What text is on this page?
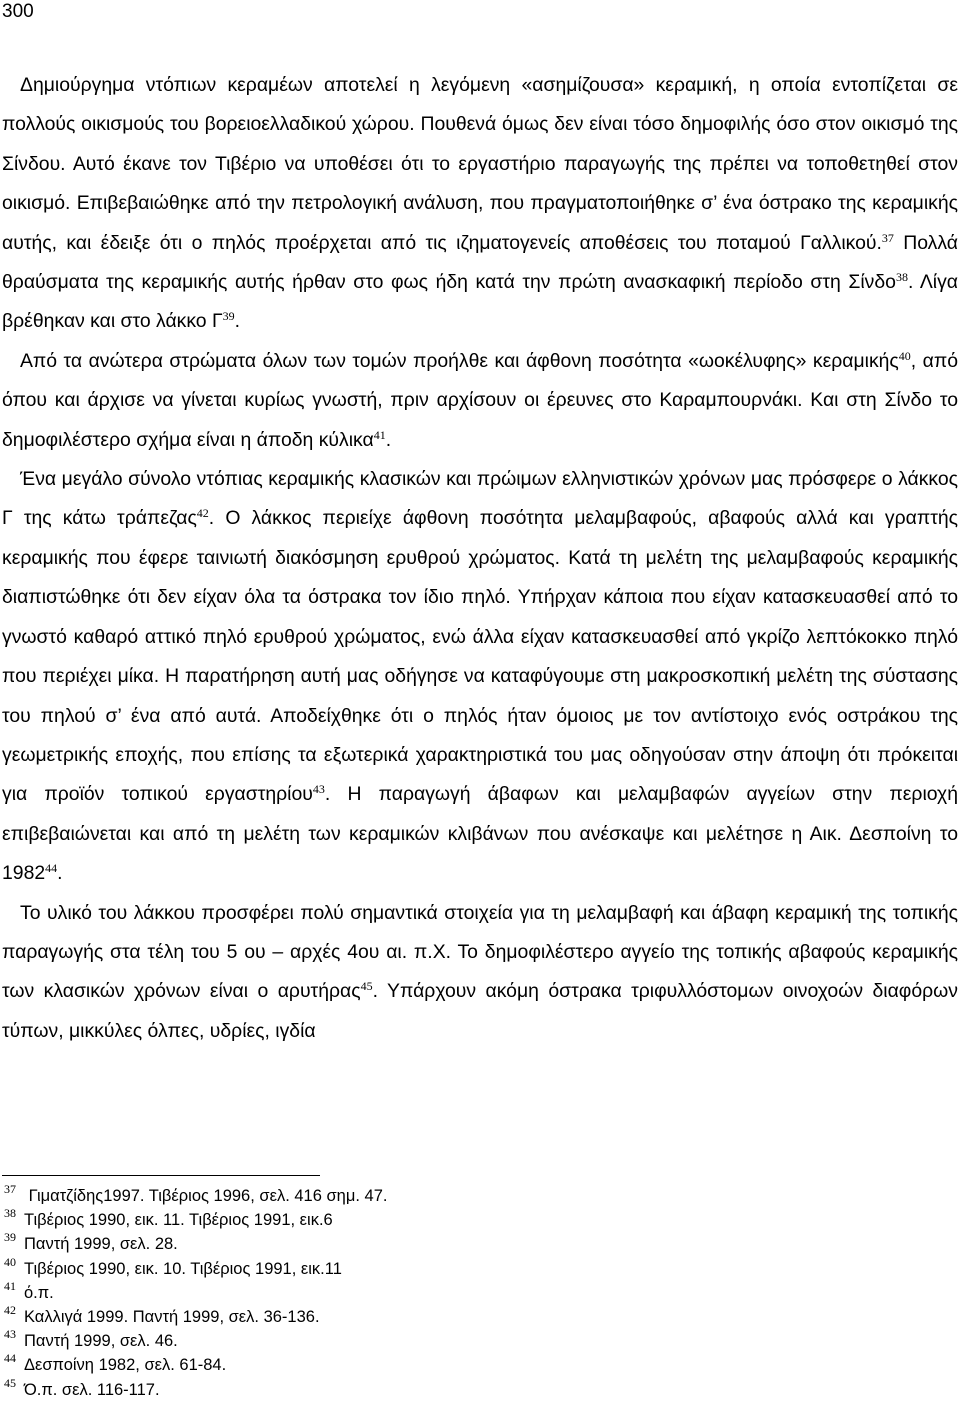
300

Δημιούργημα ντόπιων κεραμέων αποτελεί η λεγόμενη «ασημίζουσα» κεραμική, η οποία εντοπίζεται σε πολλούς οικισμούς του βορειοελλαδικού χώρου. Πουθενά όμως δεν είναι τόσο δημοφιλής όσο στον οικισμό της Σίνδου. Αυτό έκανε τον Τιβέριο να υποθέσει ότι το εργαστήριο παραγωγής της πρέπει να τοποθετηθεί στον οικισμό. Επιβεβαιώθηκε από την πετρολογική ανάλυση, που πραγματοποιήθηκε σ’ ένα όστρακο της κεραμικής αυτής, και έδειξε ότι ο πηλός προέρχεται από τις ιζηματογενείς αποθέσεις του ποταμού Γαλλικού.$^{37}$ Πολλά θραύσματα της κεραμικής αυτής ήρθαν στο φως ήδη κατά την πρώτη ανασκαφική περίοδο στη Σίνδο$^{38}$. Λίγα βρέθηκαν και στο λάκκο $\Gamma^{39}$.

Από τα ανώτερα στρώματα όλων των τομών προήλθε και άφθονη ποσότητα «ωοκέλυφης» κεραμικής$^{40}$, από όπου και άρχισε να γίνεται κυρίως γνωστή, πριν αρχίσουν οι έρευνες στο Καραμπουρνάκι. Και στη Σίνδο το δημοφιλέστερο σχήμα είναι η άποδη κύλικα$^{41}$.

Ένα μεγάλο σύνολο ντόπιας κεραμικής κλασικών και πρώιμων ελληνιστικών χρόνων μας πρόσφερε ο λάκκος Γ της κάτω τράπεζας$^{42}$. Ο λάκκος περιείχε άφθονη ποσότητα μελαμβαφούς, αβαφούς αλλά και γραπτής κεραμικής που έφερε ταινιωτή διακόσμηση ερυθρού χρώματος. Κατά τη μελέτη της μελαμβαφούς κεραμικής διαπιστώθηκε ότι δεν είχαν όλα τα όστρακα τον ίδιο πηλό. Υπήρχαν κάποια που είχαν κατασκευασθεί από το γνωστό καθαρό αττικό πηλό ερυθρού χρώματος, ενώ άλλα είχαν κατασκευασθεί από γκρίζο λεπτόκοκκο πηλό που περιέχει μίκα. Η παρατήρηση αυτή μας οδήγησε να καταφύγουμε στη μακροσκοπική μελέτη της σύστασης του πηλού σ’ ένα από αυτά. Αποδείχθηκε ότι ο πηλός ήταν όμοιος με τον αντίστοιχο ενός οστράκου της γεωμετρικής εποχής, που επίσης τα εξωτερικά χαρακτηριστικά του μας οδηγούσαν στην άποψη ότι πρόκειται για προϊόν τοπικού εργαστηρίου$^{43}$. Η παραγωγή άβαφων και μελαμβαφών αγγείων στην περιοχή επιβεβαιώνεται και από τη μελέτη των κεραμικών κλιβάνων που ανέσκαψε και μελέτησε η Αικ. Δεσποίνη το 1982$^{44}$.

Το υλικό του λάκκου προσφέρει πολύ σημαντικά στοιχεία για τη μελαμβαφή και άβαφη κεραμική της τοπικής παραγωγής στα τέλη του 5 ου – αρχές 4ου αι. π.Χ. Το δημοφιλέστερο αγγείο της τοπικής αβαφούς κεραμικής των κλασικών χρόνων είναι ο αρυτήρας$^{45}$. Υπάρχουν ακόμη όστρακα τριφυλλόστομων οινοχοών διαφόρων τύπων, μικκύλες όλπες, υδρίες, ιγδία

37 Γιματζίδης1997. Τιβέριος 1996, σελ. 416 σημ. 47.
38 Τιβέριος 1990, εικ. 11. Τιβέριος 1991, εικ.6
39 Παντή 1999, σελ. 28.
40 Τιβέριος 1990, εικ. 10. Τιβέριος 1991, εικ.11
41 ό.π.
42 Καλλιγά 1999. Παντή 1999, σελ. 36-136.
43 Παντή 1999, σελ. 46.
44 Δεσποίνη 1982, σελ. 61-84.
45 Ό.π. σελ. 116-117.
